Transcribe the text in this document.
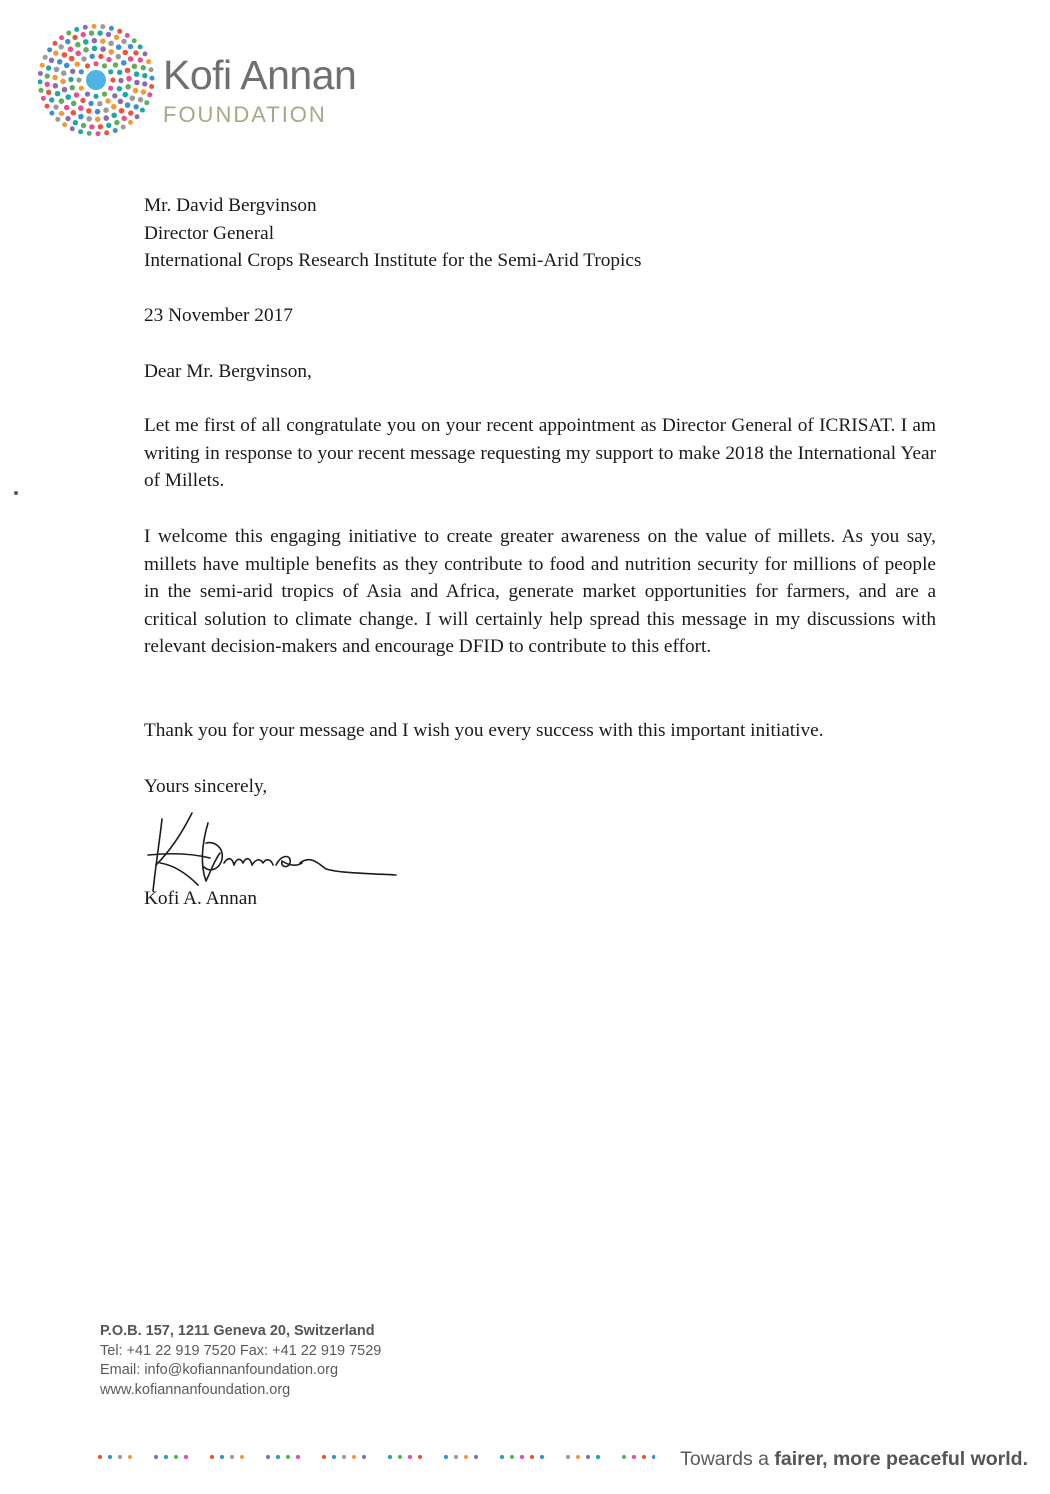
Kofi Annan
FOUNDATION

Mr. David Bergvinson

Director General

International Crops Research Institute for the Semi-Arid Tropics

23 November 2017
Dear Mr. Bergvinson,
Let me first of all congratulate you on your recent appointment as Director General of ICRISAT. I am writing in response to your recent message requesting my support to make 2018 the International Year of Millets.
I welcome this engaging initiative to create greater awareness on the value of millets. As you say, millets have multiple benefits as they contribute to food and nutrition security for millions of people in the semi-arid tropics of Asia and Africa, generate market opportunities for farmers, and are a critical solution to climate change. I will certainly help spread this message in my discussions with relevant decision-makers and encourage DFID to contribute to this effort.
Thank you for your message and I wish you every success with this important initiative.
Yours sincerely,
Kofi A. Annan
P.O.B. 157, 1211 Geneva 20, Switzerland
Tel: +41 22 919 7520 Fax: +41 22 919 7529
Email: info@kofiannanfoundation.org
www.kofiannanfoundation.org
Towards a fairer, more peaceful world.
